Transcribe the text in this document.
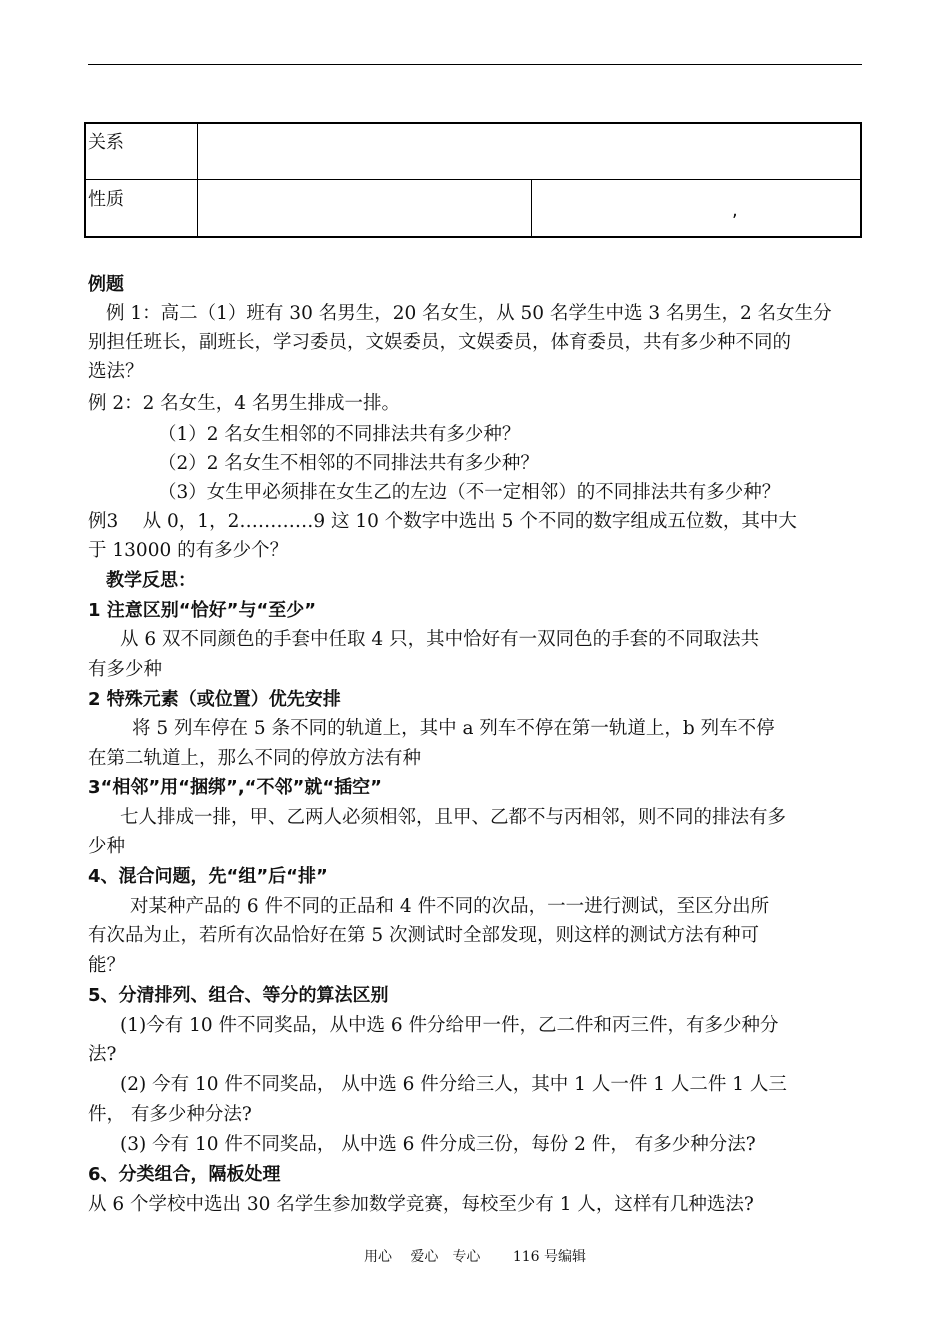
关系
性质
,
例题
例 1：高二（1）班有 30 名男生，20 名女生，从 50 名学生中选 3 名男生，2 名女生分
别担任班长，副班长，学习委员，文娱委员，文娱委员，体育委员，共有多少种不同的
选法？
例 2：2 名女生，4 名男生排成一排。
（1）2 名女生相邻的不同排法共有多少种？
（2）2 名女生不相邻的不同排法共有多少种？
（3）女生甲必须排在女生乙的左边（不一定相邻）的不同排法共有多少种？
例3　 从 0，1，2…………9 这 10 个数字中选出 5 个不同的数字组成五位数，其中大
于 13000 的有多少个？
教学反思：
1 注意区别“恰好”与“至少”
从 6 双不同颜色的手套中任取 4 只，其中恰好有一双同色的手套的不同取法共
有多少种
2 特殊元素（或位置）优先安排
将 5 列车停在 5 条不同的轨道上，其中 a 列车不停在第一轨道上，b 列车不停
在第二轨道上，那么不同的停放方法有种
3“相邻”用“捆绑”,“不邻”就“插空”
七人排成一排，甲、乙两人必须相邻，且甲、乙都不与丙相邻，则不同的排法有多
少种
4、混合问题，先“组”后“排”
对某种产品的 6 件不同的正品和 4 件不同的次品，一一进行测试，至区分出所
有次品为止，若所有次品恰好在第 5 次测试时全部发现，则这样的测试方法有种可
能？
5、分清排列、组合、等分的算法区别
(1)今有 10 件不同奖品，从中选 6 件分给甲一件，乙二件和丙三件，有多少种分
法?
(2) 今有 10 件不同奖品， 从中选 6 件分给三人，其中 1 人一件 1 人二件 1 人三
件， 有多少种分法?
(3) 今有 10 件不同奖品， 从中选 6 件分成三份，每份 2 件， 有多少种分法?
6、分类组合，隔板处理
从 6 个学校中选出 30 名学生参加数学竞赛，每校至少有 1 人，这样有几种选法?
用心　 爱心　专心　　 116 号编辑
